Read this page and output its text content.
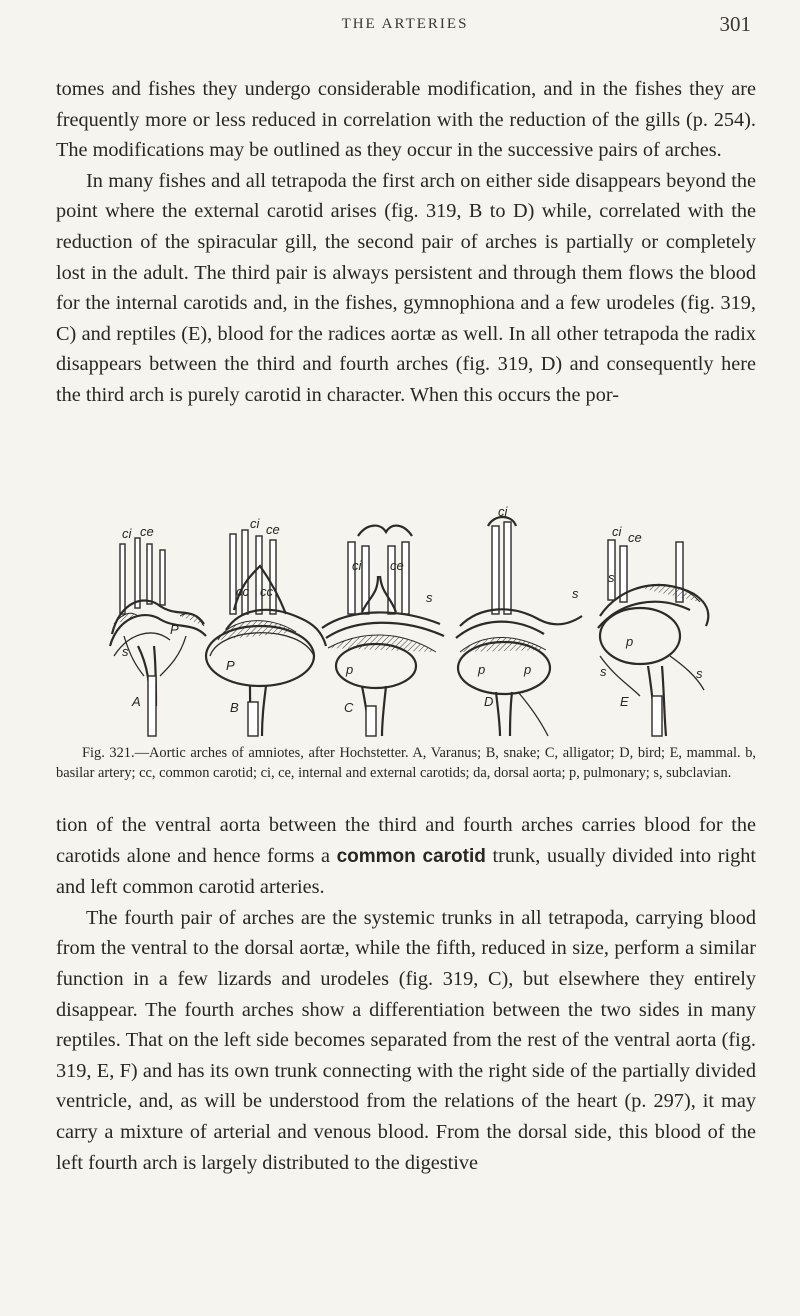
THE ARTERIES	301

tomes and fishes they undergo considerable modification, and in the fishes they are frequently more or less reduced in correlation with the reduction of the gills (p. 254). The modifications may be outlined as they occur in the successive pairs of arches.

In many fishes and all tetrapoda the first arch on either side disappears beyond the point where the external carotid arises (fig. 319, B to D) while, correlated with the reduction of the spiracular gill, the second pair of arches is partially or completely lost in the adult. The third pair is always persistent and through them flows the blood for the internal carotids and, in the fishes, gymnophiona and a few urodeles (fig. 319, C) and reptiles (E), blood for the radices aortæ as well. In all other tetrapoda the radix disappears between the third and fourth arches (fig. 319, D) and consequently here the third arch is purely carotid in character. When this occurs the por-

ci ce
P
s
A
ci ce
cc cc
P
B
ci ce
s
p
C
ci
s
p	p
D
ci ce
s
p
s	s
E

Fig. 321.—Aortic arches of amniotes, after Hochstetter. A, Varanus; B, snake; C, alligator; D, bird; E, mammal. b, basilar artery; cc, common carotid; ci, ce, internal and external carotids; da, dorsal aorta; p, pulmonary; s, subclavian.

tion of the ventral aorta between the third and fourth arches carries blood for the carotids alone and hence forms a common carotid trunk, usually divided into right and left common carotid arteries.

The fourth pair of arches are the systemic trunks in all tetrapoda, carrying blood from the ventral to the dorsal aortæ, while the fifth, reduced in size, perform a similar function in a few lizards and urodeles (fig. 319, C), but elsewhere they entirely disappear. The fourth arches show a differentiation between the two sides in many reptiles. That on the left side becomes separated from the rest of the ventral aorta (fig. 319, E, F) and has its own trunk connecting with the right side of the partially divided ventricle, and, as will be understood from the relations of the heart (p. 297), it may carry a mixture of arterial and venous blood. From the dorsal side, this blood of the left fourth arch is largely distributed to the digestive
